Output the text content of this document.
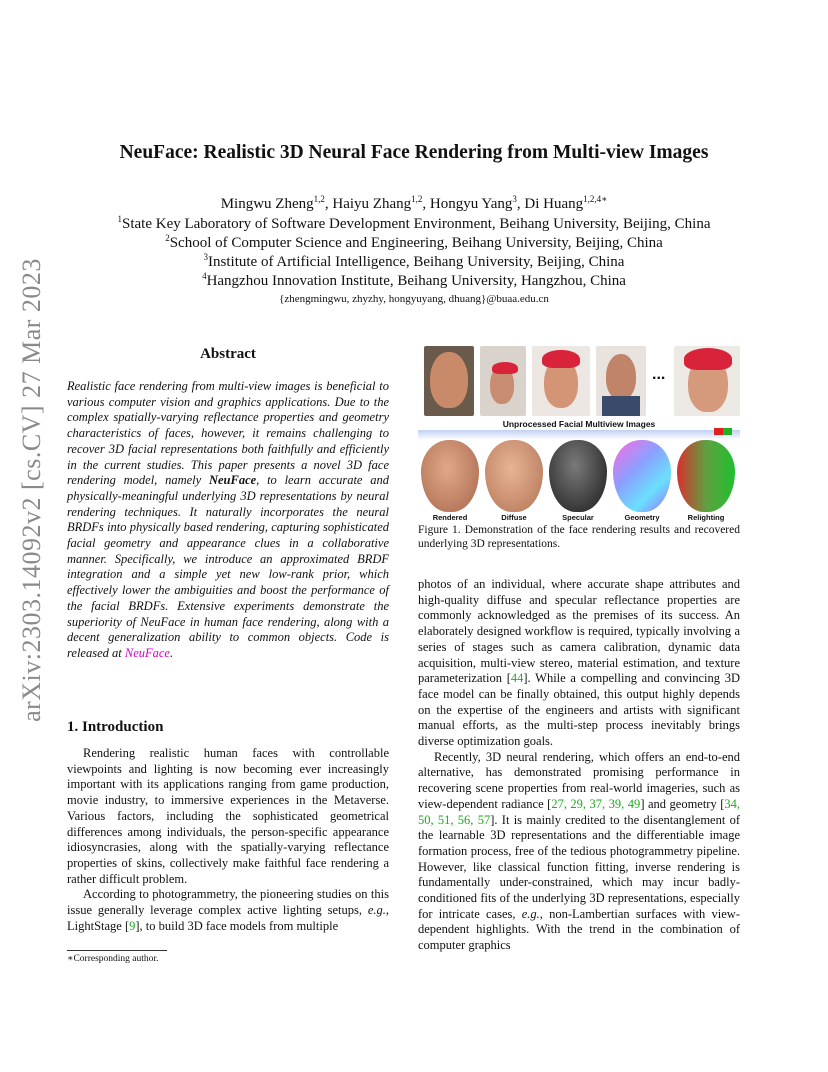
arXiv:2303.14092v2 [cs.CV] 27 Mar 2023
NeuFace: Realistic 3D Neural Face Rendering from Multi-view Images
Mingwu Zheng$^{1,2}$, Haiyu Zhang$^{1,2}$, Hongyu Yang$^3$, Di Huang$^{1,2,4∗}$
$^1$State Key Laboratory of Software Development Environment, Beihang University, Beijing, China
$^2$School of Computer Science and Engineering, Beihang University, Beijing, China
$^3$Institute of Artificial Intelligence, Beihang University, Beijing, China
$^4$Hangzhou Innovation Institute, Beihang University, Hangzhou, China
{zhengmingwu, zhyzhy, hongyuyang, dhuang}@buaa.edu.cn
Abstract
Realistic face rendering from multi-view images is beneficial to various computer vision and graphics applications. Due to the complex spatially-varying reflectance properties and geometry characteristics of faces, however, it remains challenging to recover 3D facial representations both faithfully and efficiently in the current studies. This paper presents a novel 3D face rendering model, namely NeuFace, to learn accurate and physically-meaningful underlying 3D representations by neural rendering techniques. It naturally incorporates the neural BRDFs into physically based rendering, capturing sophisticated facial geometry and appearance clues in a collaborative manner. Specifically, we introduce an approximated BRDF integration and a simple yet new low-rank prior, which effectively lower the ambiguities and boost the performance of the facial BRDFs. Extensive experiments demonstrate the superiority of NeuFace in human face rendering, along with a decent generalization ability to common objects. Code is released at NeuFace.
1. Introduction

Rendering realistic human faces with controllable viewpoints and lighting is now becoming ever increasingly important with its applications ranging from game production, movie industry, to immersive experiences in the Metaverse. Various factors, including the sophisticated geometrical differences among individuals, the person-specific appearance idiosyncrasies, along with the spatially-varying reflectance properties of skins, collectively make faithful face rendering a rather difficult problem.

According to photogrammetry, the pioneering studies on this issue generally leverage complex active lighting setups, e.g., LightStage [9], to build 3D face models from multiple

∗Corresponding author.
...
Unprocessed Facial Multiview Images
Rendered	Diffuse	Specular	Geometry	Relighting
Figure 1. Demonstration of the face rendering results and recovered underlying 3D representations.

photos of an individual, where accurate shape attributes and high-quality diffuse and specular reflectance properties are commonly acknowledged as the premises of its success. An elaborately designed workflow is required, typically involving a series of stages such as camera calibration, dynamic data acquisition, multi-view stereo, material estimation, and texture parameterization [44]. While a compelling and convincing 3D face model can be finally obtained, this output highly depends on the expertise of the engineers and artists with significant manual efforts, as the multi-step process inevitably brings diverse optimization goals.

Recently, 3D neural rendering, which offers an end-to-end alternative, has demonstrated promising performance in recovering scene properties from real-world imageries, such as view-dependent radiance [27, 29, 37, 39, 49] and geometry [34, 50, 51, 56, 57]. It is mainly credited to the disentanglement of the learnable 3D representations and the differentiable image formation process, free of the tedious photogrammetry pipeline. However, like classical function fitting, inverse rendering is fundamentally under-constrained, which may incur badly-conditioned fits of the underlying 3D representations, especially for intricate cases, e.g., non-Lambertian surfaces with view-dependent highlights. With the trend in the combination of computer graphics
